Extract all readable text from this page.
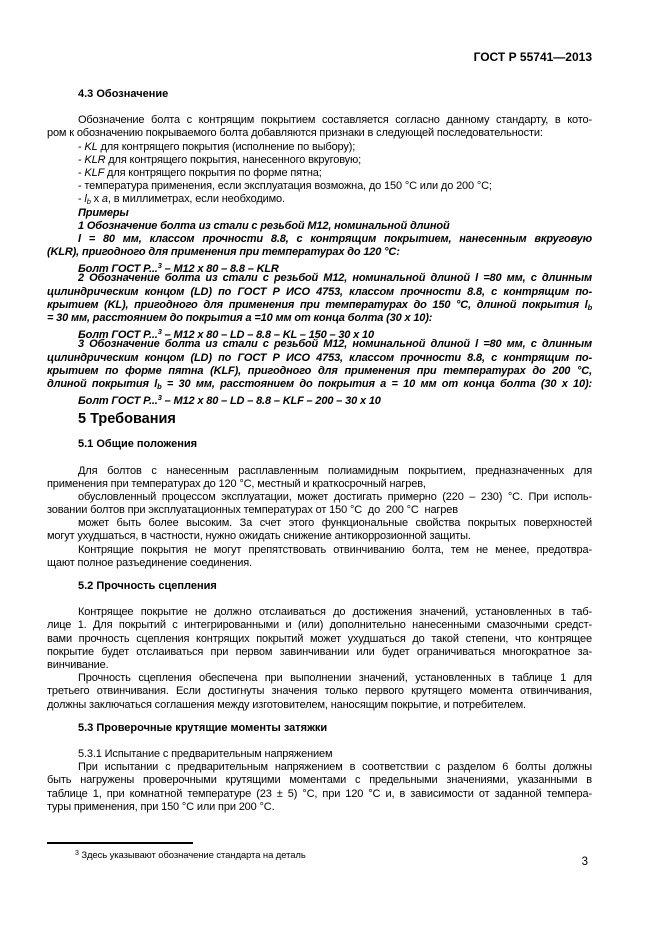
ГОСТ Р 55741—2013
4.3 Обозначение
Обозначение болта с контрящим покрытием составляется согласно данному стандарту, в кото-
ром к обозначению покрываемого болта добавляются признаки в следующей последовательности:
- KL для контрящего покрытия (исполнение по выбору);
- KLR для контрящего покрытия, нанесенного вкруговую;
- KLF для контрящего покрытия по форме пятна;
- температура применения, если эксплуатация возможна, до 150 °С или до 200 °С;
- lb х а, в миллиметрах, если необходимо.
Примеры
1 Обозначение болта из стали с резьбой М12, номинальной длиной
l = 80 мм, классом прочности 8.8, с контрящим покрытием, нанесенным вкруговую
(KLR), пригодного для применения при температурах до 120 °С:
Болт ГОСТ Р...$^3$ – М12 х 80 – 8.8 – KLR
2 Обозначение болта из стали с резьбой М12, номинальной длиной l =80 мм, с длинным
цилиндрическим концом (LD) по ГОСТ Р ИСО 4753, классом прочности 8.8, с контрящим по-
крытием (KL), пригодного для применения при температурах до 150 °С, длиной покрытия $l_b$
= 30 мм, расстоянием до покрытия а =10 мм от конца болта (30 х 10):
Болт ГОСТ Р...$^3$ – М12 х 80 – LD – 8.8 – KL – 150 – 30 х 10
3 Обозначение болта из стали с резьбой М12, номинальной длиной l =80 мм, с длинным
цилиндрическим концом (LD) по ГОСТ Р ИСО 4753, классом прочности 8.8, с контрящим по-
крытием по форме пятна (KLF), пригодного для применения при температурах до 200 °С,
длиной покрытия $l_b = 30$ мм, расстоянием до покрытия а = 10 мм от конца болта (30 х 10):
Болт ГОСТ Р...$^3$ – М12 х 80 – LD – 8.8 – KLF – 200 – 30 х 10
5 Требования
5.1 Общие положения
Для болтов с нанесенным расплавленным полиамидным покрытием, предназначенных для
применения при температурах до 120 °С, местный и краткосрочный нагрев,
обусловленный процессом эксплуатации, может достигать примерно (220 – 230) °С. При исполь-
зовании болтов при эксплуатационных температурах от 150 °С  до  200 °С  нагрев
может быть более высоким. За счет этого функциональные свойства покрытых поверхностей
могут ухудшаться, в частности, нужно ожидать снижение антикоррозионной защиты.
Контрящие покрытия не могут препятствовать отвинчиванию болта, тем не менее, предотвра-
щают полное разъединение соединения.
5.2 Прочность сцепления
Контрящее покрытие не должно отслаиваться до достижения значений, установленных в таб-
лице 1. Для покрытий с интегрированными и (или) дополнительно нанесенными смазочными средст-
вами прочность сцепления контрящих покрытий может ухудшаться до такой степени, что контрящее
покрытие будет отслаиваться при первом завинчивании или будет ограничиваться многократное за-
винчивание.
Прочность сцепления обеспечена при выполнении значений, установленных в таблице 1 для
третьего отвинчивания. Если достигнуты значения только первого крутящего момента отвинчивания,
должны заключаться соглашения между изготовителем, наносящим покрытие, и потребителем.
5.3 Проверочные крутящие моменты затяжки
5.3.1 Испытание с предварительным напряжением
При испытании с предварительным напряжением в соответствии с разделом 6 болты должны
быть нагружены проверочными крутящими моментами с предельными значениями, указанными в
таблице 1, при комнатной температуре (23 ± 5) °С, при 120 °С и, в зависимости от заданной темпера-
туры применения, при 150 °С или при 200 °С.
$^3$ Здесь указывают обозначение стандарта на деталь
3
